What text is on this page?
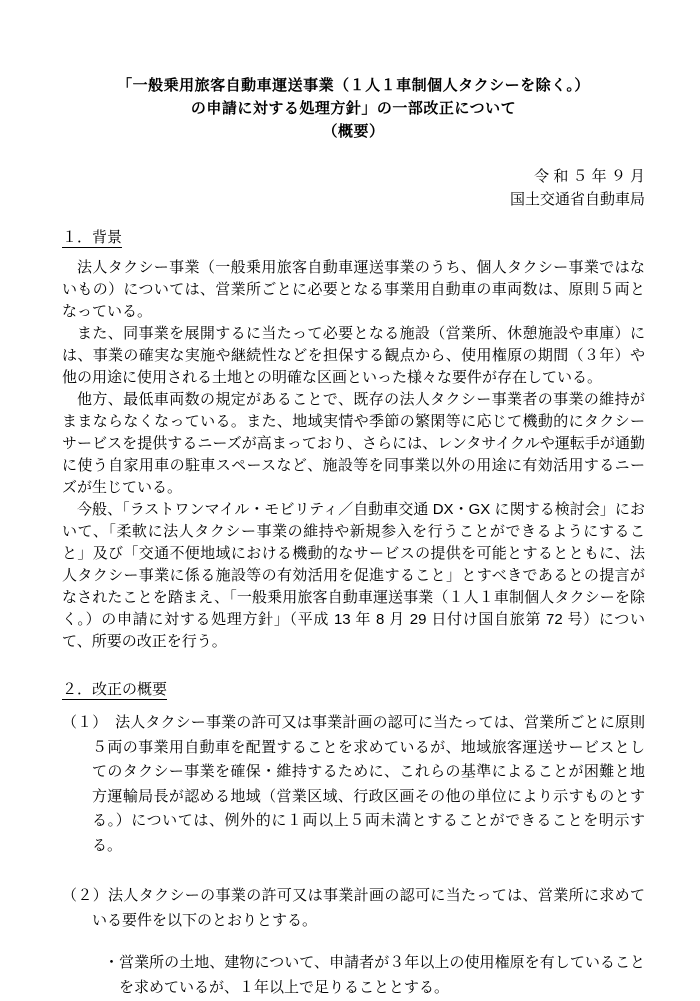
「一般乗用旅客自動車運送事業（１人１車制個人タクシーを除く。）
の申請に対する処理方針」の一部改正について
（概要）
令 和 ５ 年 ９ 月
国土交通省自動車局
１．背景

法人タクシー事業（一般乗用旅客自動車運送事業のうち、個人タクシー事業ではないもの）については、営業所ごとに必要となる事業用自動車の車両数は、原則５両となっている。

また、同事業を展開するに当たって必要となる施設（営業所、休憩施設や車庫）には、事業の確実な実施や継続性などを担保する観点から、使用権原の期間（３年）や他の用途に使用される土地との明確な区画といった様々な要件が存在している。

他方、最低車両数の規定があることで、既存の法人タクシー事業者の事業の維持がままならなくなっている。また、地域実情や季節の繁閑等に応じて機動的にタクシーサービスを提供するニーズが高まっており、さらには、レンタサイクルや運転手が通勤に使う自家用車の駐車スペースなど、施設等を同事業以外の用途に有効活用するニーズが生じている。

今般、「ラストワンマイル・モビリティ／自動車交通 DX・GX に関する検討会」において、「柔軟に法人タクシー事業の維持や新規参入を行うことができるようにすること」及び「交通不便地域における機動的なサービスの提供を可能とするとともに、法人タクシー事業に係る施設等の有効活用を促進すること」とすべきであるとの提言がなされたことを踏まえ、「一般乗用旅客自動車運送事業（１人１車制個人タクシーを除く。）の申請に対する処理方針」（平成 13 年 8 月 29 日付け国自旅第 72 号）について、所要の改正を行う。

２．改正の概要

（１）　法人タクシー事業の許可又は事業計画の認可に当たっては、営業所ごとに原則５両の事業用自動車を配置することを求めているが、地域旅客運送サービスとしてのタクシー事業を確保・維持するために、これらの基準によることが困難と地方運輸局長が認める地域（営業区域、行政区画その他の単位により示すものとする。）については、例外的に１両以上５両未満とすることができることを明示する。

（２）法人タクシーの事業の許可又は事業計画の認可に当たっては、営業所に求めている要件を以下のとおりとする。

・営業所の土地、建物について、申請者が３年以上の使用権原を有していることを求めているが、１年以上で足りることとする。
